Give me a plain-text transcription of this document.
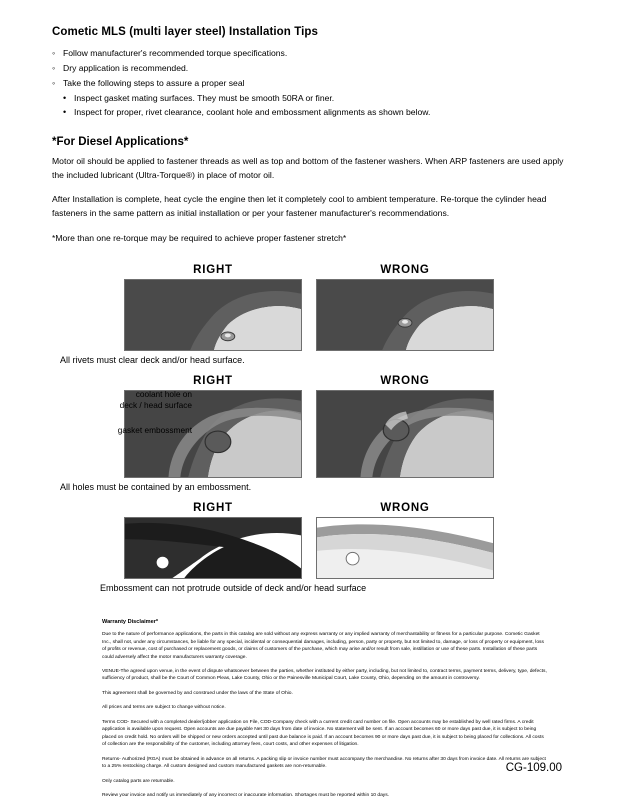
Cometic MLS (multi layer steel) Installation Tips
◦ Follow manufacturer's recommended torque specifications.
◦ Dry application is recommended.
◦ Take the following steps to assure a proper seal
• Inspect gasket mating surfaces. They must be smooth 50RA or finer.
• Inspect for proper, rivet clearance, coolant hole and embossment alignments as shown below.
*For Diesel Applications*

Motor oil should be applied to fastener threads as well as top and bottom of the fastener washers. When ARP fasteners are used apply the included lubricant (Ultra-Torque®) in place of motor oil.

After Installation is complete, heat cycle the engine then let it completely cool to ambient temperature. Re-torque the cylinder head fasteners in the same pattern as initial installation or per your fastener manufacturer's recommendations.

*More than one re-torque may be required to achieve proper fastener stretch*

RIGHT	WRONG
All rivets must clear deck and/or head surface.
coolant hole on
deck / head surface
gasket embossment
RIGHT	WRONG
All holes must be contained by an embossment.
RIGHT	WRONG
Embossment can not protrude outside of deck and/or head surface
Warranty Disclaimer*

Due to the nature of performance applications, the parts in this catalog are sold without any express warranty or any implied warranty of merchantability or fitness for a particular purpose. Cometic Gasket Inc., shall not, under any circumstances, be liable for any special, incidental or consequential damages, including, person, party or property, but not limited to, damage, or loss of property or equipment, loss of profits or revenue, cost of purchased or replacement goods, or claims of customers of the purchase, which may arise and/or result from sale, instillation or use of these parts. Installation of these parts could adversely affect the motor manufacturers warranty coverage.

VENUE-The agreed upon venue, in the event of dispute whatsoever between the parties, whether instituted by either party, including, but not limited to, contract terms, payment terms, delivery, type, defects, sufficiency of product, shall be the Court of Common Pleas, Lake County, Ohio or the Painesville Municipal Court, Lake County, Ohio, depending on the amount in controversy.

This agreement shall be governed by and construed under the laws of the State of Ohio.

All prices and terms are subject to change without notice.

Terms COD- Secured with a completed dealer/jobber application on File, COD-Company check with a current credit card number on file. Open accounts may be established by well rated firms. A credit application is available upon request. Open accounts are due payable Net 30 days from date of invoice. No statement will be sent. If an account becomes 60 or more days past due, it is subject to being placed on credit hold. No orders will be shipped or new orders accepted until past due balance is paid. If an account becomes 90 or more days past due, it is subject to being placed for collections. All costs of collection are the responsibility of the customer, including attorney fees, court costs, and other expenses of litigation.

Returns- Authorized (RGA) must be obtained in advance on all returns. A packing slip or invoice number must accompany the merchandise. No returns after 30 days from invoice date. All returns are subject to a 25% restocking charge. All custom designed and custom manufactured gaskets are non-returnable.

Only catalog parts are returnable.

Review your invoice and notify us immediately of any incorrect or inaccurate information. Shortages must be reported within 10 days.

CG-109.00
